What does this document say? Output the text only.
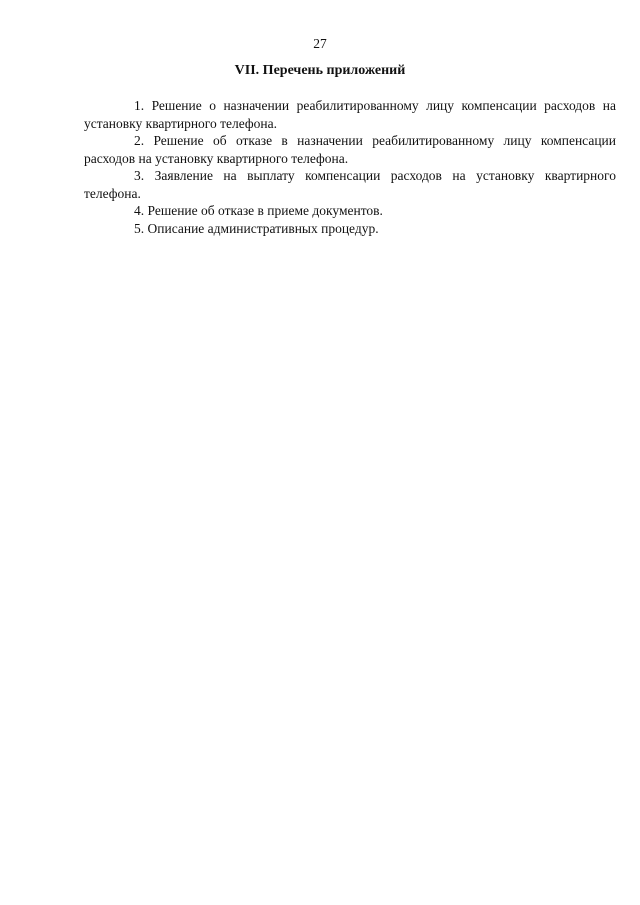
27
VII. Перечень приложений

1. Решение о назначении реабилитированному лицу компенсации расходов на установку квартирного телефона.

2. Решение об отказе в назначении реабилитированному лицу компенсации расходов на установку квартирного телефона.

3. Заявление на выплату компенсации расходов на установку квартирного телефона.

4. Решение об отказе в приеме документов.

5. Описание административных процедур.
